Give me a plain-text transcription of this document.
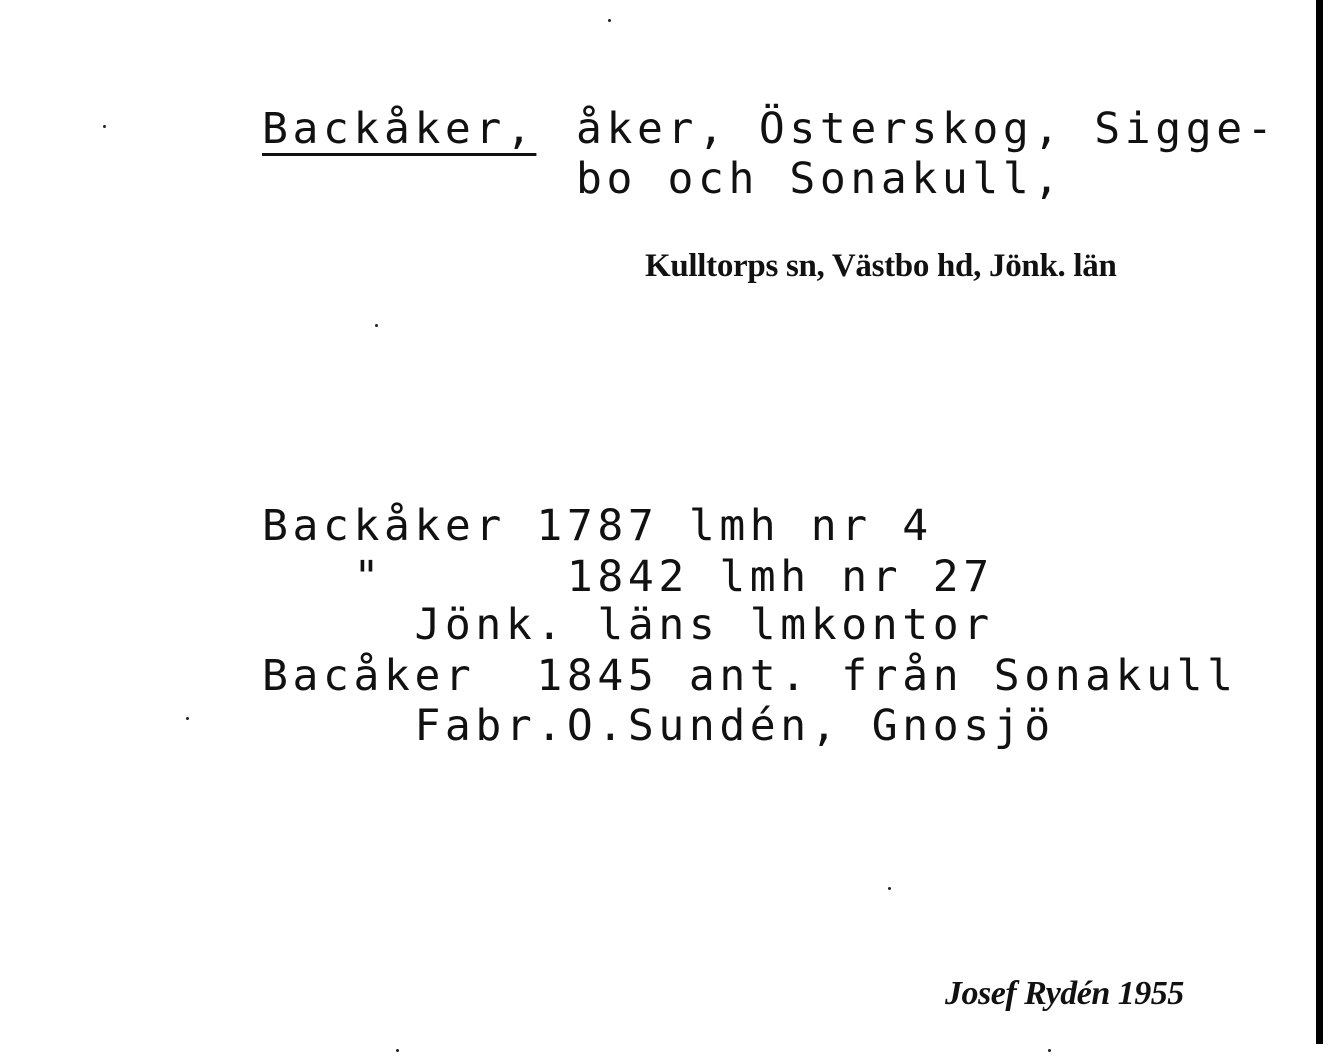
Backåker, åker, Österskog, Sigge-
bo och Sonakull,
Kulltorps sn, Västbo hd, Jönk. län
Backåker 1787 lmh nr 4
"      1842 lmh nr 27
Jönk. läns lmkontor
Bacåker  1845 ant. från Sonakull
Fabr.O.Sundén, Gnosjö
Josef Rydén 1955
